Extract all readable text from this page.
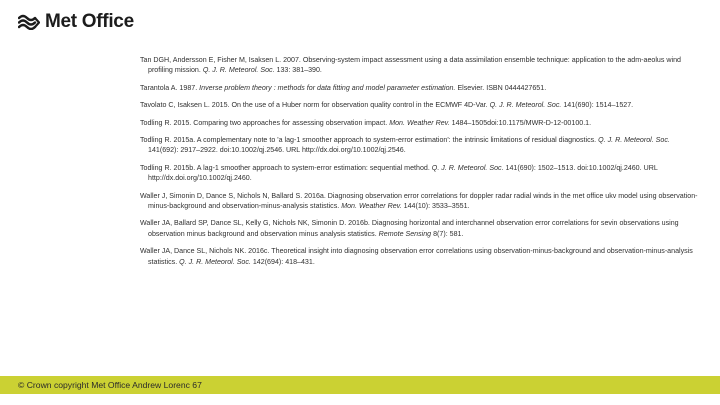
Met Office
Tan DGH, Andersson E, Fisher M, Isaksen L. 2007. Observing-system impact assessment using a data assimilation ensemble technique: application to the adm-aeolus wind profiling mission. Q. J. R. Meteorol. Soc. 133: 381–390.
Tarantola A. 1987. Inverse problem theory : methods for data fitting and model parameter estimation. Elsevier. ISBN 0444427651.
Tavolato C, Isaksen L. 2015. On the use of a Huber norm for observation quality control in the ECMWF 4D-Var. Q. J. R. Meteorol. Soc. 141(690): 1514–1527.
Todling R. 2015. Comparing two approaches for assessing observation impact. Mon. Weather Rev. 1484–1505doi:10.1175/MWR-D-12-00100.1.
Todling R. 2015a. A complementary note to 'a lag-1 smoother approach to system-error estimation': the intrinsic limitations of residual diagnostics. Q. J. R. Meteorol. Soc. 141(692): 2917–2922. doi:10.1002/qj.2546. URL http://dx.doi.org/10.1002/qj.2546.
Todling R. 2015b. A lag-1 smoother approach to system-error estimation: sequential method. Q. J. R. Meteorol. Soc. 141(690): 1502–1513. doi:10.1002/qj.2460. URL http://dx.doi.org/10.1002/qj.2460.
Waller J, Simonin D, Dance S, Nichols N, Ballard S. 2016a. Diagnosing observation error correlations for doppler radar radial winds in the met office ukv model using observation-minus-background and observation-minus-analysis statistics. Mon. Weather Rev. 144(10): 3533–3551.
Waller JA, Ballard SP, Dance SL, Kelly G, Nichols NK, Simonin D. 2016b. Diagnosing horizontal and interchannel observation error correlations for sevin observations using observation minus background and observation minus analysis statistics. Remote Sensing 8(7): 581.
Waller JA, Dance SL, Nichols NK. 2016c. Theoretical insight into diagnosing observation error correlations using observation-minus-background and observation-minus-analysis statistics. Q. J. R. Meteorol. Soc. 142(694): 418–431.
© Crown copyright Met Office Andrew Lorenc 67
